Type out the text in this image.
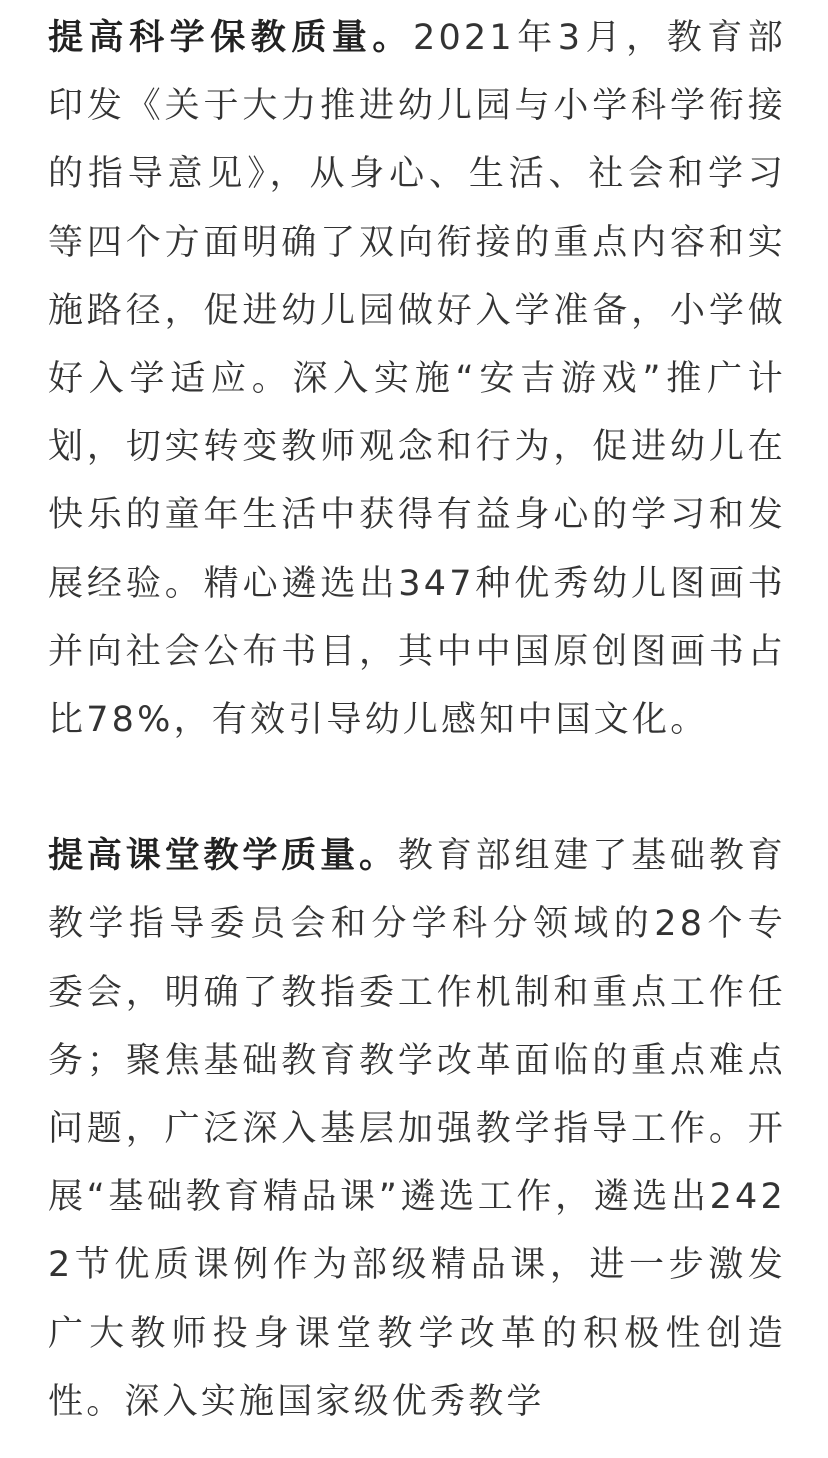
提高科学保教质量。2021年3月，教育部印发《关于大力推进幼儿园与小学科学衔接的指导意见》，从身心、生活、社会和学习等四个方面明确了双向衔接的重点内容和实施路径，促进幼儿园做好入学准备，小学做好入学适应。深入实施“安吉游戏”推广计划，切实转变教师观念和行为，促进幼儿在快乐的童年生活中获得有益身心的学习和发展经验。精心遴选出347种优秀幼儿图画书并向社会公布书目，其中中国原创图画书占比78%，有效引导幼儿感知中国文化。

提高课堂教学质量。教育部组建了基础教育教学指导委员会和分学科分领域的28个专委会，明确了教指委工作机制和重点工作任务；聚焦基础教育教学改革面临的重点难点问题，广泛深入基层加强教学指导工作。开展“基础教育精品课”遴选工作，遴选出2422节优质课例作为部级精品课，进一步激发广大教师投身课堂教学改革的积极性创造性。深入实施国家级优秀教学
